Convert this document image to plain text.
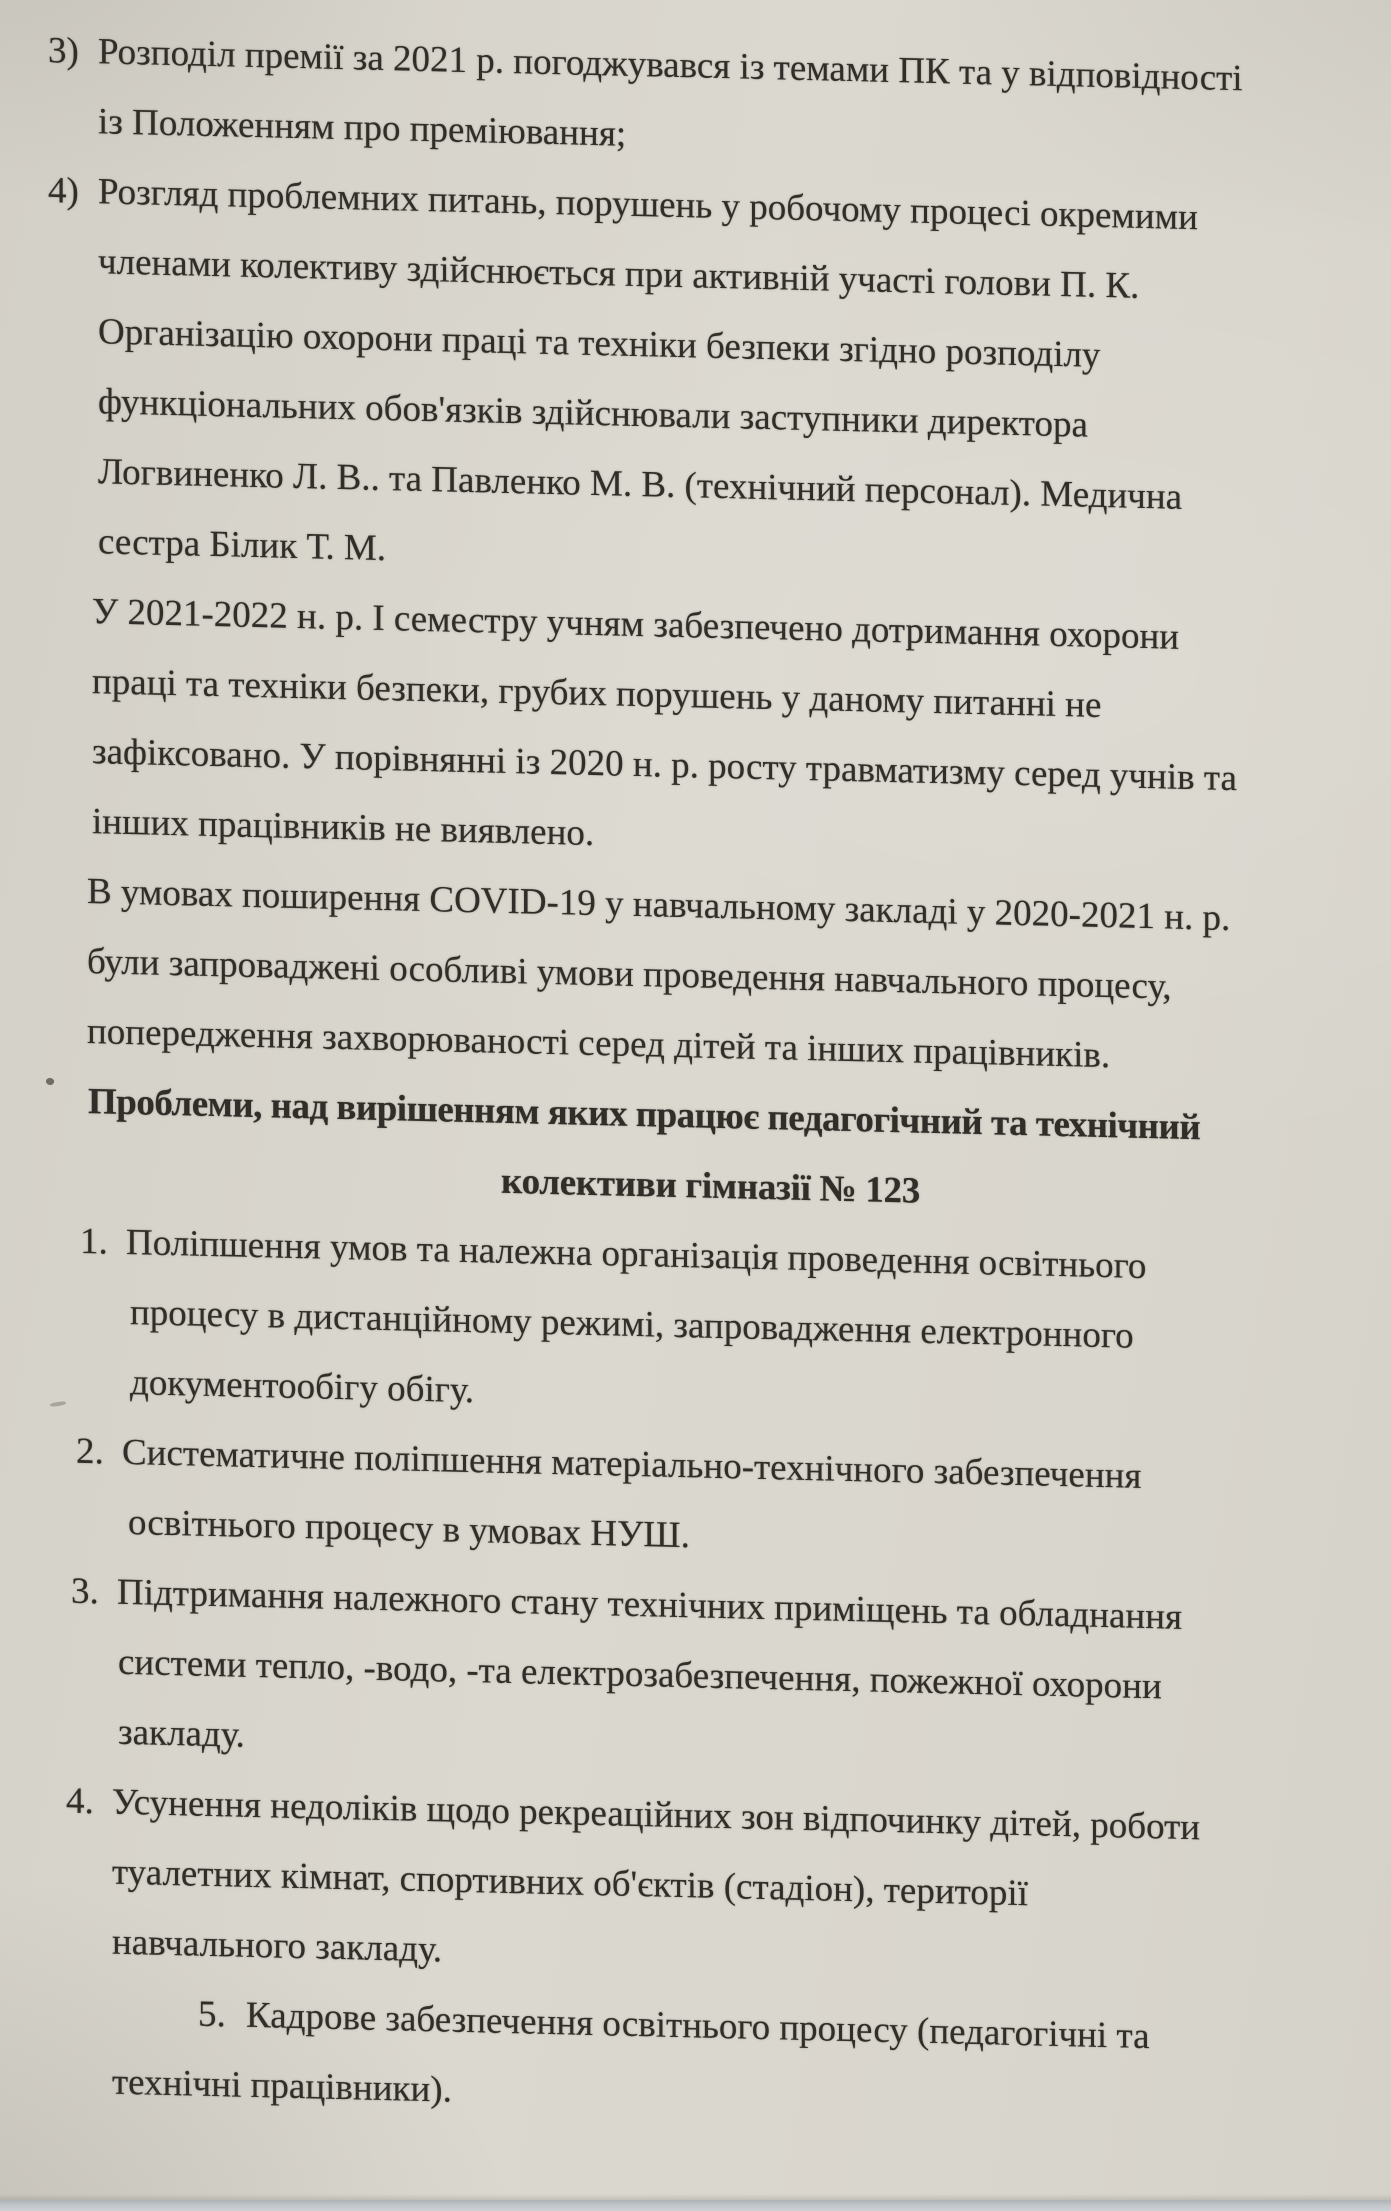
3) Розподіл премії за 2021 р. погоджувався із темами ПК та у відповідності
із Положенням про преміювання;
4) Розгляд проблемних питань, порушень у робочому процесі окремими
членами колективу здійснюється при активній участі голови П. К.
Організацію охорони праці та техніки безпеки згідно розподілу
функціональних обов'язків здійснювали заступники директора
Логвиненко Л. В.. та Павленко М. В. (технічний персонал). Медична
сестра Білик Т. М.
У 2021-2022 н. р. І семестру учням забезпечено дотримання охорони
праці та техніки безпеки, грубих порушень у даному питанні не
зафіксовано. У порівнянні із 2020 н. р. росту травматизму серед учнів та
інших працівників не виявлено.
В умовах поширення COVID-19 у навчальному закладі у 2020-2021 н. р.
були запроваджені особливі умови проведення навчального процесу,
попередження захворюваності серед дітей та інших працівників.
Проблеми, над вирішенням яких працює педагогічний та технічний
колективи гімназії № 123
1. Поліпшення умов та належна організація проведення освітнього
процесу в дистанційному режимі, запровадження електронного
документообігу обігу.
2. Систематичне поліпшення матеріально-технічного забезпечення
освітнього процесу в умовах НУШ.
3. Підтримання належного стану технічних приміщень та обладнання
системи тепло, -водо, -та електрозабезпечення, пожежної охорони
закладу.
4. Усунення недоліків щодо рекреаційних зон відпочинку дітей, роботи
туалетних кімнат, спортивних об'єктів (стадіон), території
навчального закладу.
5. Кадрове забезпечення освітнього процесу (педагогічні та
технічні працівники).
